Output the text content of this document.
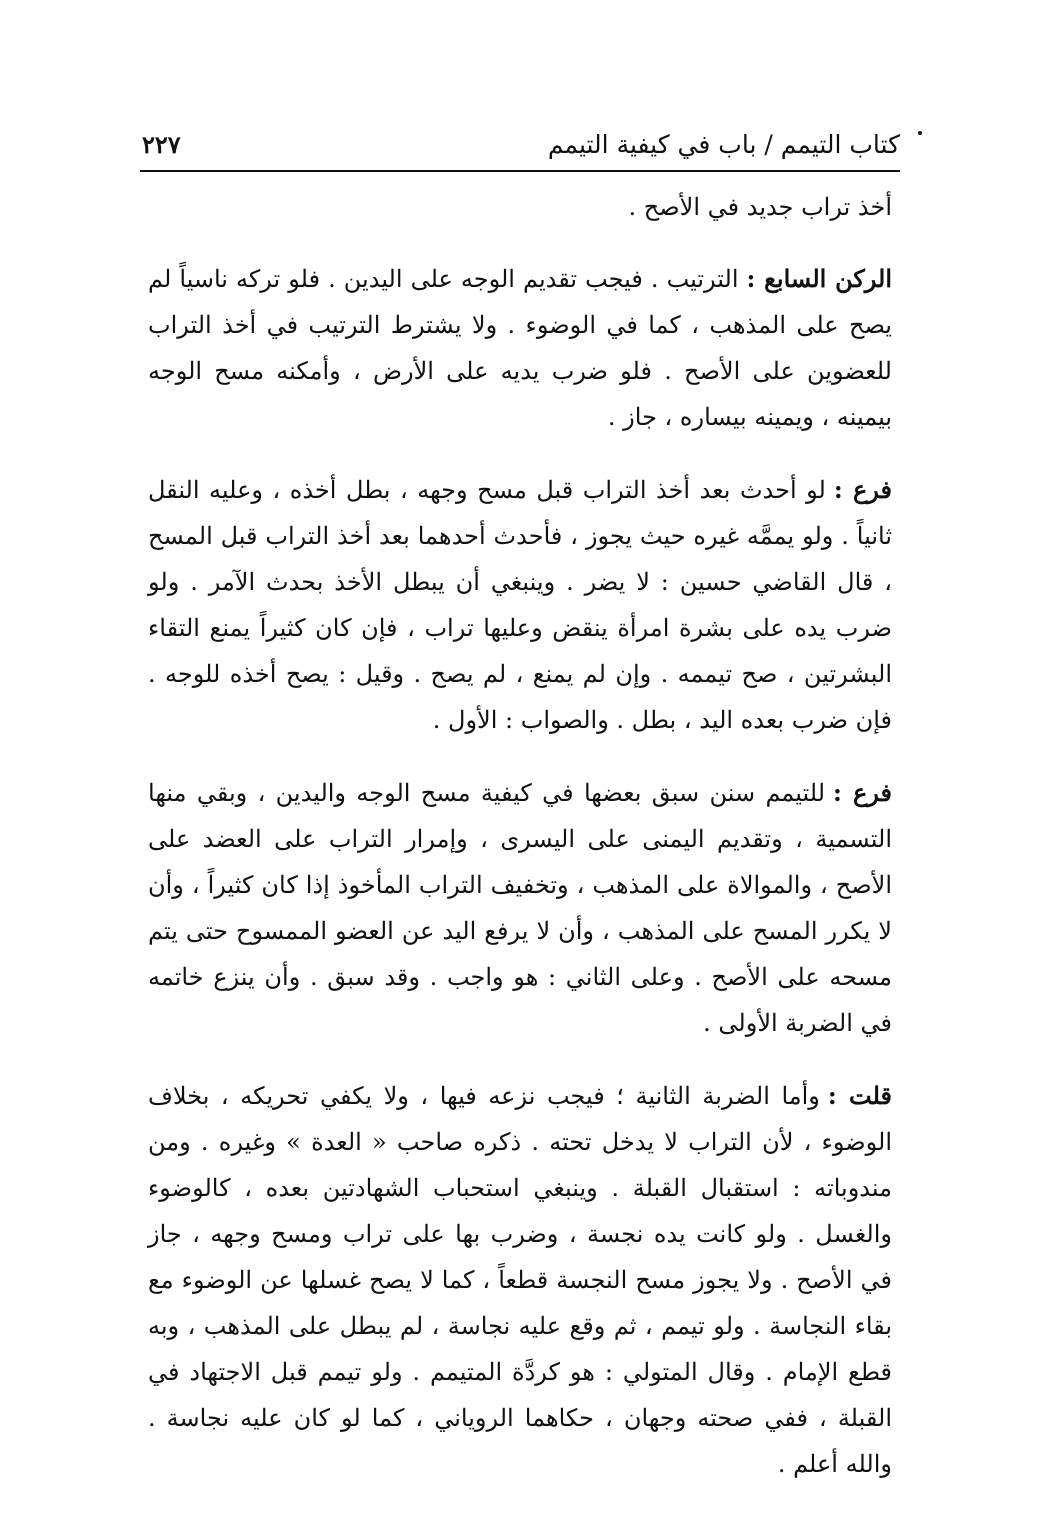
كتاب التيمم / باب في كيفية التيمم
٢٢٧

أخذ تراب جديد في الأصح .

الركن السابع :الترتيب . فيجب تقديم الوجه على اليدين . فلو تركه ناسياً لم يصح على المذهب ، كما في الوضوء . ولا يشترط الترتيب في أخذ التراب للعضوين على الأصح . فلو ضرب يديه على الأرض ، وأمكنه مسح الوجه بيمينه ، ويمينه بيساره ، جاز .

فرع :لو أحدث بعد أخذ التراب قبل مسح وجهه ، بطل أخذه ، وعليه النقل ثانياً . ولو يممَّه غيره حيث يجوز ، فأحدث أحدهما بعد أخذ التراب قبل المسح ، قال القاضي حسين : لا يضر . وينبغي أن يبطل الأخذ بحدث الآمر . ولو ضرب يده على بشرة امرأة ينقض وعليها تراب ، فإن كان كثيراً يمنع التقاء البشرتين ، صح تيممه . وإن لم يمنع ، لم يصح . وقيل : يصح أخذه للوجه . فإن ضرب بعده اليد ، بطل . والصواب : الأول .

فرع :للتيمم سنن سبق بعضها في كيفية مسح الوجه واليدين ، وبقي منها التسمية ، وتقديم اليمنى على اليسرى ، وإمرار التراب على العضد على الأصح ، والموالاة على المذهب ، وتخفيف التراب المأخوذ إذا كان كثيراً ، وأن لا يكرر المسح على المذهب ، وأن لا يرفع اليد عن العضو الممسوح حتى يتم مسحه على الأصح . وعلى الثاني : هو واجب . وقد سبق . وأن ينزع خاتمه في الضربة الأولى .

قلت :وأما الضربة الثانية ؛ فيجب نزعه فيها ، ولا يكفي تحريكه ، بخلاف الوضوء ، لأن التراب لا يدخل تحته . ذكره صاحب « العدة » وغيره . ومن مندوباته : استقبال القبلة . وينبغي استحباب الشهادتين بعده ، كالوضوء والغسل . ولو كانت يده نجسة ، وضرب بها على تراب ومسح وجهه ، جاز في الأصح . ولا يجوز مسح النجسة قطعاً ، كما لا يصح غسلها عن الوضوء مع بقاء النجاسة . ولو تيمم ، ثم وقع عليه نجاسة ، لم يبطل على المذهب ، وبه قطع الإمام . وقال المتولي : هو كردَّة المتيمم . ولو تيمم قبل الاجتهاد في القبلة ، ففي صحته وجهان ، حكاهما الروياني ، كما لو كان عليه نجاسة . والله أعلم .
